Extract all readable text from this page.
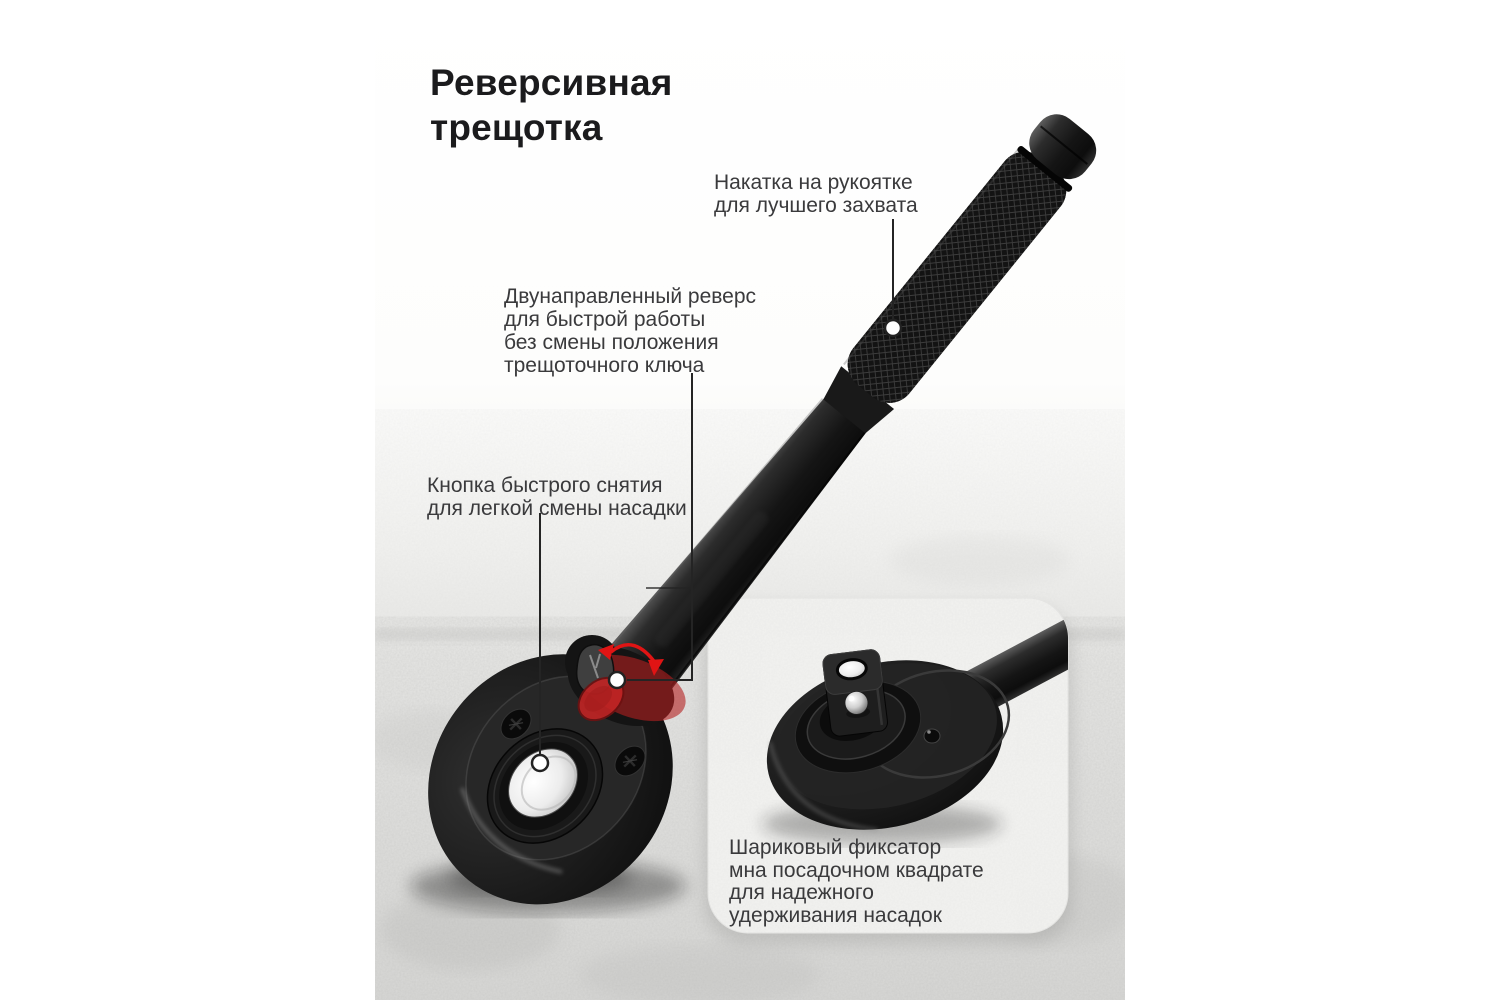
Реверсивная
трещотка
Накатка на рукоятке
для лучшего захвата
Двунаправленный реверс
для быстрой работы
без смены положения
трещоточного ключа
Кнопка быстрого снятия
для легкой смены насадки
Шариковый фиксатор
мна посадочном квадрате
для надежного
удерживания насадок
